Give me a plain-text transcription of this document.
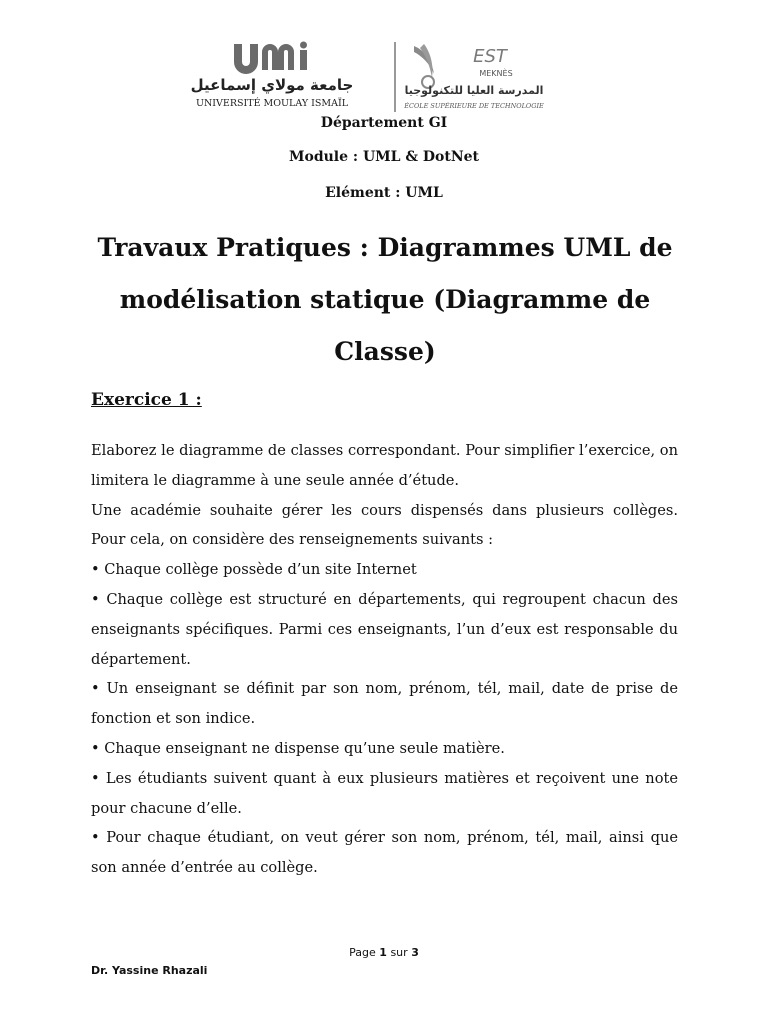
جامعة مولاي إسماعيل
UNIVERSITÉ MOULAY ISMAÏL
EST
MEKNÈS
المدرسة العليا للتكنولوجيا
ÉCOLE SUPÉRIEURE DE TECHNOLOGIE
Département GI
Module : UML & DotNet
Elément : UML
Travaux Pratiques : Diagrammes UML de modélisation statique (Diagramme de Classe)
Exercice 1 :

Elaborez le diagramme de classes correspondant. Pour simplifier l’exercice, on limitera le diagramme à une seule année d’étude.

Une académie souhaite gérer les cours dispensés dans plusieurs collèges. Pour cela, on considère des renseignements suivants :

• Chaque collège possède d’un site Internet

• Chaque collège est structuré en départements, qui regroupent chacun des enseignants spécifiques. Parmi ces enseignants, l’un d’eux est responsable du département.

• Un enseignant se définit par son nom, prénom, tél, mail, date de prise de fonction et son indice.

• Chaque enseignant ne dispense qu’une seule matière.

• Les étudiants suivent quant à eux plusieurs matières et reçoivent une note pour chacune d’elle.

• Pour chaque étudiant, on veut gérer son nom, prénom, tél, mail, ainsi que son année d’entrée au collège.

Page 1 sur 3
Dr. Yassine Rhazali
